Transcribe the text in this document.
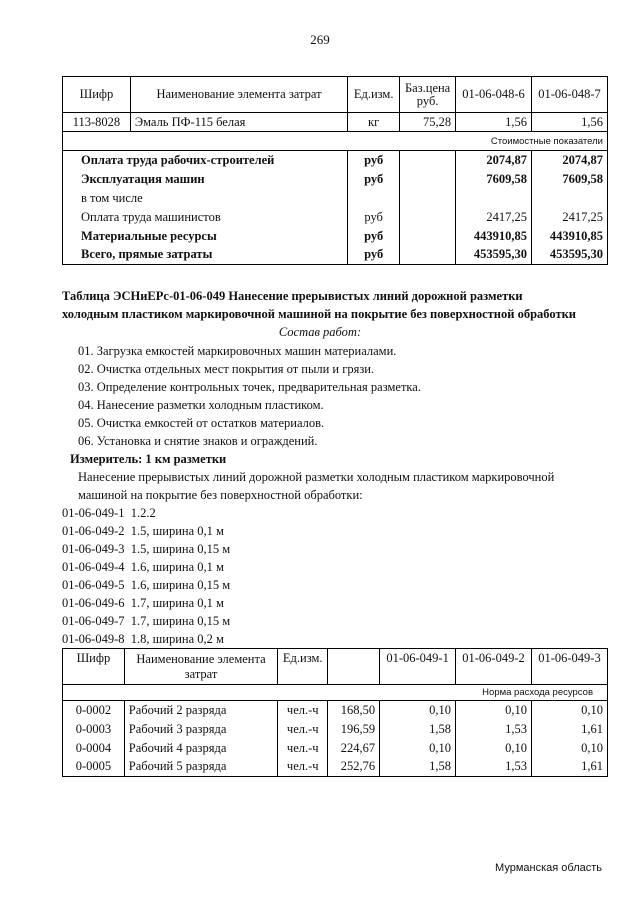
269
Шифр	Наименование элемента затрат	Ед.изм.	Баз.цена руб.	01-06-048-6	01-06-048-7
113-8028	Эмаль ПФ-115 белая	кг	75,28	1,56	1,56
Стоимостные показатели					
Оплата труда рабочих-строителей		руб		2074,87	2074,87
Эксплуатация машин		руб		7609,58	7609,58
в том числе					
Оплата труда машинистов		руб		2417,25	2417,25
Материальные ресурсы		руб		443910,85	443910,85
Всего, прямые затраты		руб		453595,30	453595,30
Таблица ЭСНиЕРс-01-06-049 Нанесение прерывистых линий дорожной разметки
холодным пластиком маркировочной машиной на покрытие без поверхностной обработки
Состав работ:
01. Загрузка емкостей маркировочных машин материалами.
02. Очистка отдельных мест покрытия от пыли и грязи.
03. Определение контрольных точек, предварительная разметка.
04. Нанесение разметки холодным пластиком.
05. Очистка емкостей от остатков материалов.
06. Установка и снятие знаков и ограждений.
Измеритель: 1 км разметки
Нанесение прерывистых линий дорожной разметки холодным пластиком маркировочной
машиной на покрытие без поверхностной обработки:
01-06-049-1 1.2.2
01-06-049-2 1.5, ширина 0,1 м
01-06-049-3 1.5, ширина 0,15 м
01-06-049-4 1.6, ширина 0,1 м
01-06-049-5 1.6, ширина 0,15 м
01-06-049-6 1.7, ширина 0,1 м
01-06-049-7 1.7, ширина 0,15 м
01-06-049-8 1.8, ширина 0,2 м
Шифр	Наименование элемента затрат	Ед.изм.		01-06-049-1	01-06-049-2	01-06-049-3
Норма расхода ресурсов						
0-0002	Рабочий 2 разряда	чел.-ч	168,50	0,10	0,10	0,10
0-0003	Рабочий 3 разряда	чел.-ч	196,59	1,58	1,53	1,61
0-0004	Рабочий 4 разряда	чел.-ч	224,67	0,10	0,10	0,10
0-0005	Рабочий 5 разряда	чел.-ч	252,76	1,58	1,53	1,61
Мурманская область
